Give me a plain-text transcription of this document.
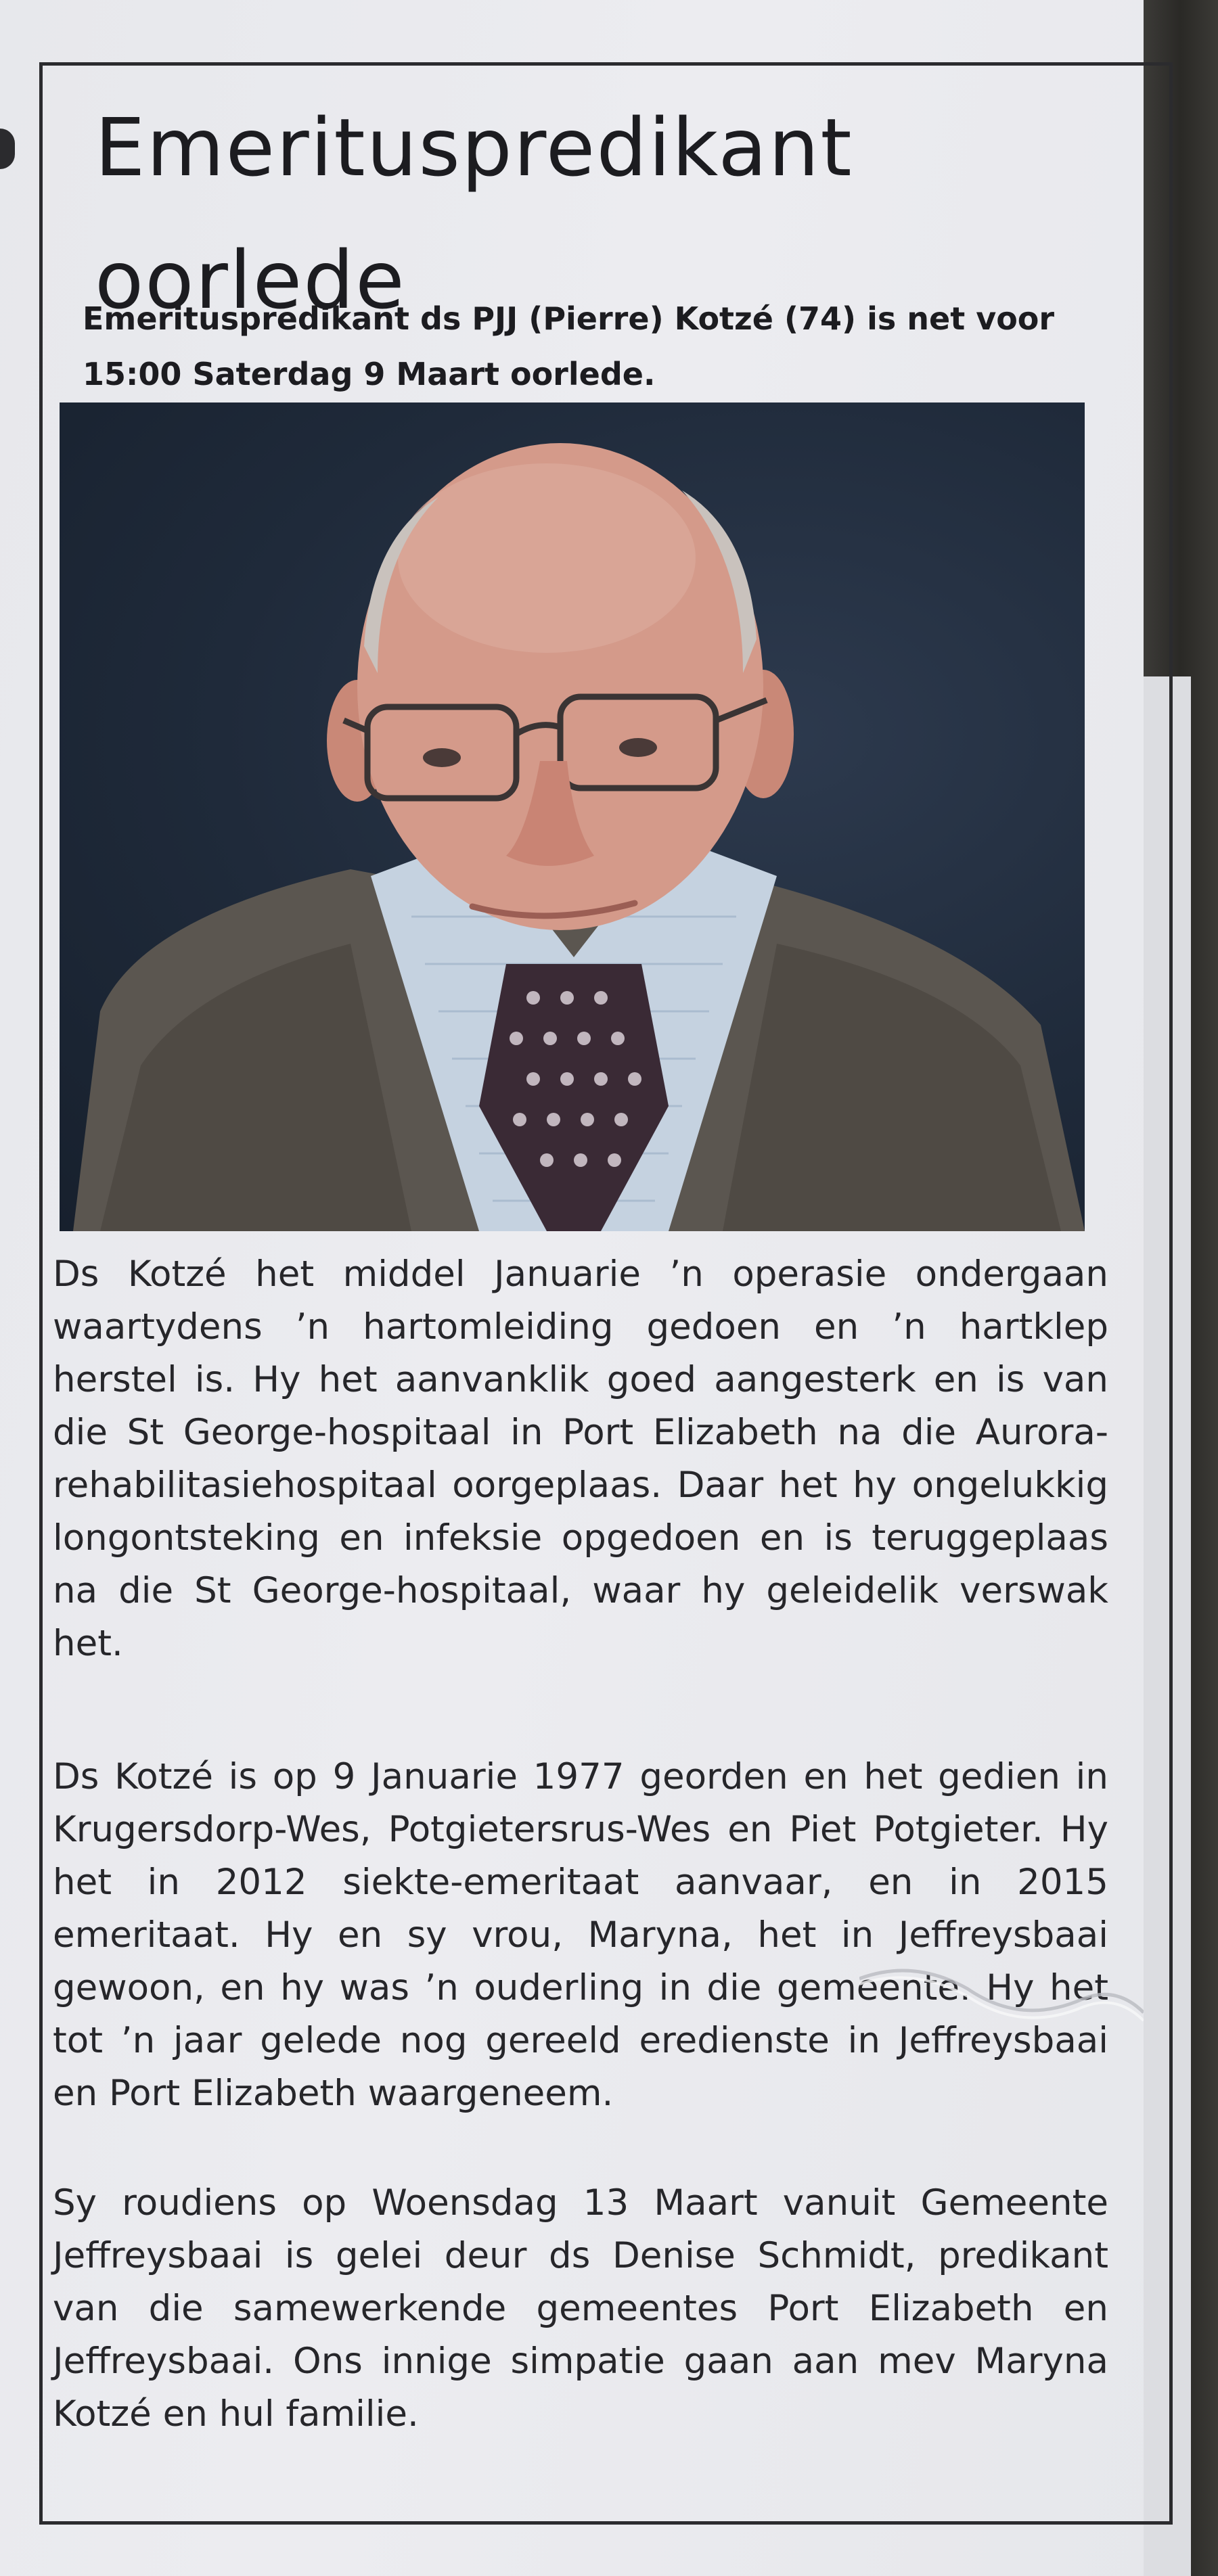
Emerituspredikant oorlede

Emerituspredikant ds PJJ (Pierre) Kotzé (74) is net voor 15:00 Saterdag 9 Maart oorlede.

Ds Kotzé het middel Januarie ’n operasie ondergaan waartydens ’n hartomleiding gedoen en ’n hartklep herstel is. Hy het aanvanklik goed aangesterk en is van die St George-hospitaal in Port Elizabeth na die Aurora-rehabilitasiehospitaal oorgeplaas. Daar het hy ongelukkig longontsteking en infeksie opgedoen en is teruggeplaas na die St George-hospitaal, waar hy geleidelik verswak het.

Ds Kotzé is op 9 Januarie 1977 georden en het gedien in Krugersdorp-Wes, Potgietersrus-Wes en Piet Potgieter. Hy het in 2012 siekte-emeritaat aanvaar, en in 2015 emeritaat. Hy en sy vrou, Maryna, het in Jeffreysbaai gewoon, en hy was ’n ouderling in die gemeente. Hy het tot ’n jaar gelede nog gereeld eredienste in Jeffreysbaai en Port Elizabeth waargeneem.

Sy roudiens op Woensdag 13 Maart vanuit Gemeente Jeffreysbaai is gelei deur ds Denise Schmidt, predikant van die samewerkende gemeentes Port Elizabeth en Jeffreysbaai. Ons innige simpatie gaan aan mev Maryna Kotzé en hul familie.
